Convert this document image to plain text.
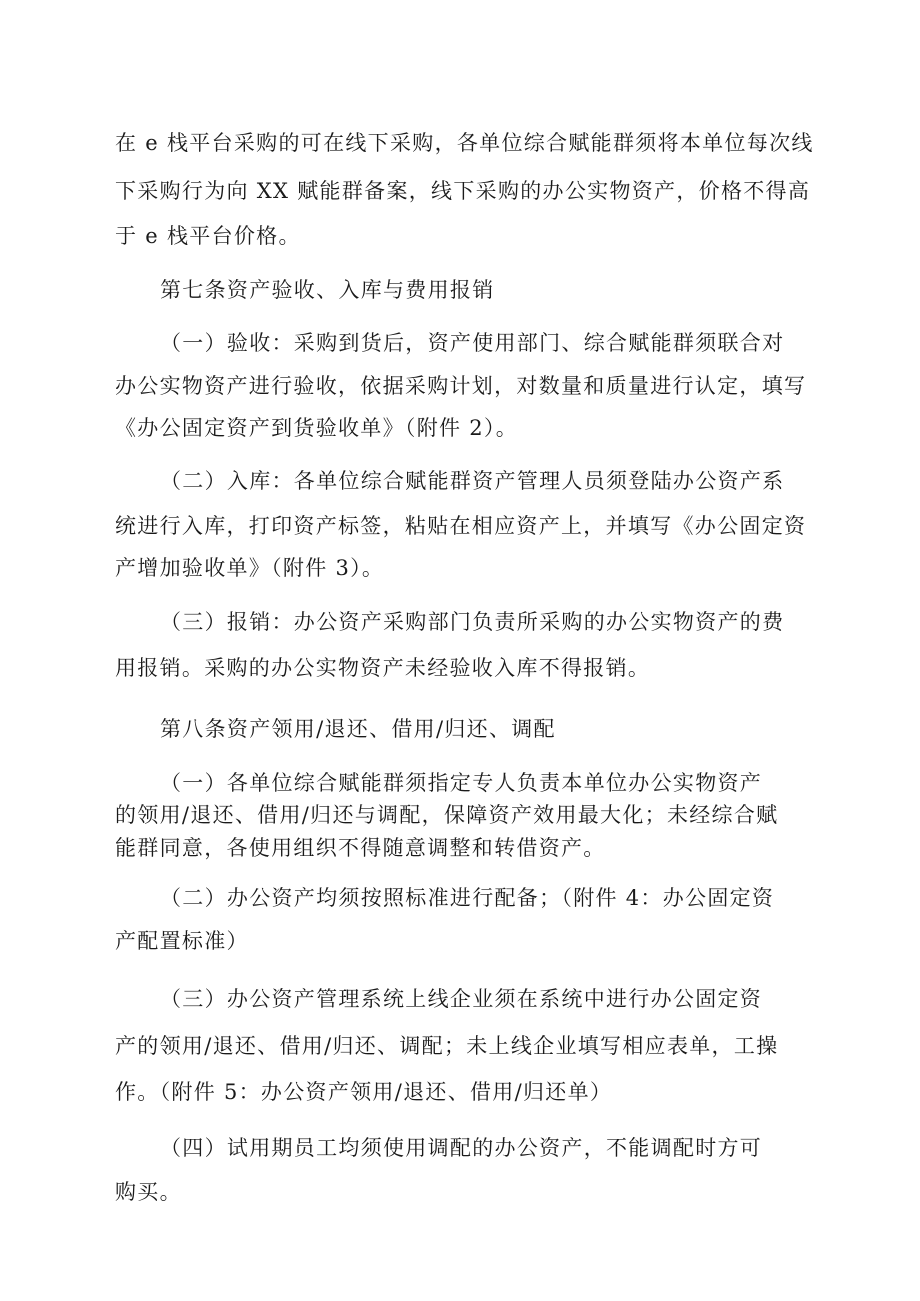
在 e 栈平台采购的可在线下采购，各单位综合赋能群须将本单位每次线
下采购行为向 XX 赋能群备案，线下采购的办公实物资产，价格不得高
于 e 栈平台价格。
第七条资产验收、入库与费用报销
（一）验收：采购到货后，资产使用部门、综合赋能群须联合对
办公实物资产进行验收，依据采购计划，对数量和质量进行认定，填写
《办公固定资产到货验收单》（附件 2）。
（二）入库：各单位综合赋能群资产管理人员须登陆办公资产系
统进行入库，打印资产标签，粘贴在相应资产上，并填写《办公固定资
产增加验收单》（附件 3）。
（三）报销：办公资产采购部门负责所采购的办公实物资产的费
用报销。采购的办公实物资产未经验收入库不得报销。
第八条资产领用/退还、借用/归还、调配
（一）各单位综合赋能群须指定专人负责本单位办公实物资产
的领用/退还、借用/归还与调配，保障资产效用最大化；未经综合赋
能群同意，各使用组织不得随意调整和转借资产。
（二）办公资产均须按照标准进行配备；（附件 4：办公固定资
产配置标准）
（三）办公资产管理系统上线企业须在系统中进行办公固定资
产的领用/退还、借用/归还、调配；未上线企业填写相应表单，工操
作。（附件 5：办公资产领用/退还、借用/归还单）
（四）试用期员工均须使用调配的办公资产，不能调配时方可
购买。
